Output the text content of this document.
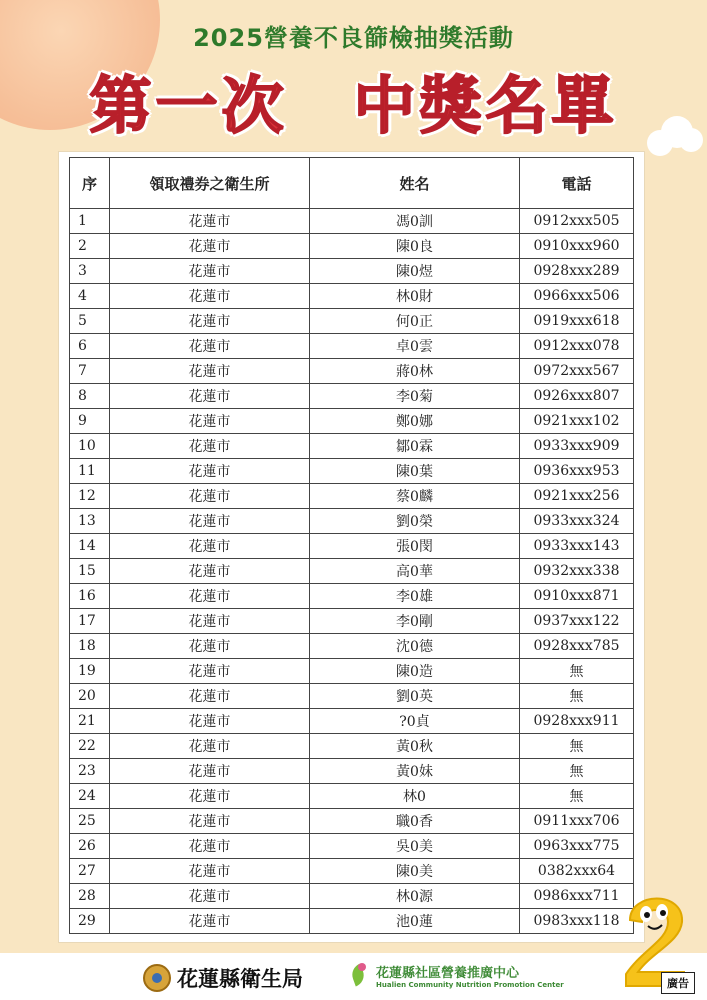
2025營養不良篩檢抽獎活動
第一次　中獎名單
序	領取禮券之衛生所	姓名	電話
1	花蓮市	馮0訓	0912xxx505
2	花蓮市	陳0良	0910xxx960
3	花蓮市	陳0煜	0928xxx289
4	花蓮市	林0財	0966xxx506
5	花蓮市	何0正	0919xxx618
6	花蓮市	卓0雲	0912xxx078
7	花蓮市	蔣0林	0972xxx567
8	花蓮市	李0菊	0926xxx807
9	花蓮市	鄭0娜	0921xxx102
10	花蓮市	鄒0霖	0933xxx909
11	花蓮市	陳0葉	0936xxx953
12	花蓮市	蔡0麟	0921xxx256
13	花蓮市	劉0榮	0933xxx324
14	花蓮市	張0閔	0933xxx143
15	花蓮市	高0華	0932xxx338
16	花蓮市	李0雄	0910xxx871
17	花蓮市	李0剛	0937xxx122
18	花蓮市	沈0德	0928xxx785
19	花蓮市	陳0造	無
20	花蓮市	劉0英	無
21	花蓮市	?0貞	0928xxx911
22	花蓮市	黃0秋	無
23	花蓮市	黃0妹	無
24	花蓮市	林0	無
25	花蓮市	職0香	0911xxx706
26	花蓮市	吳0美	0963xxx775
27	花蓮市	陳0美	0382xxx64
28	花蓮市	林0源	0986xxx711
29	花蓮市	池0蓮	0983xxx118
花蓮縣衛生局	花蓮縣社區營養推廣中心
Hualien Community Nutrition Promotion Center
2
廣告
